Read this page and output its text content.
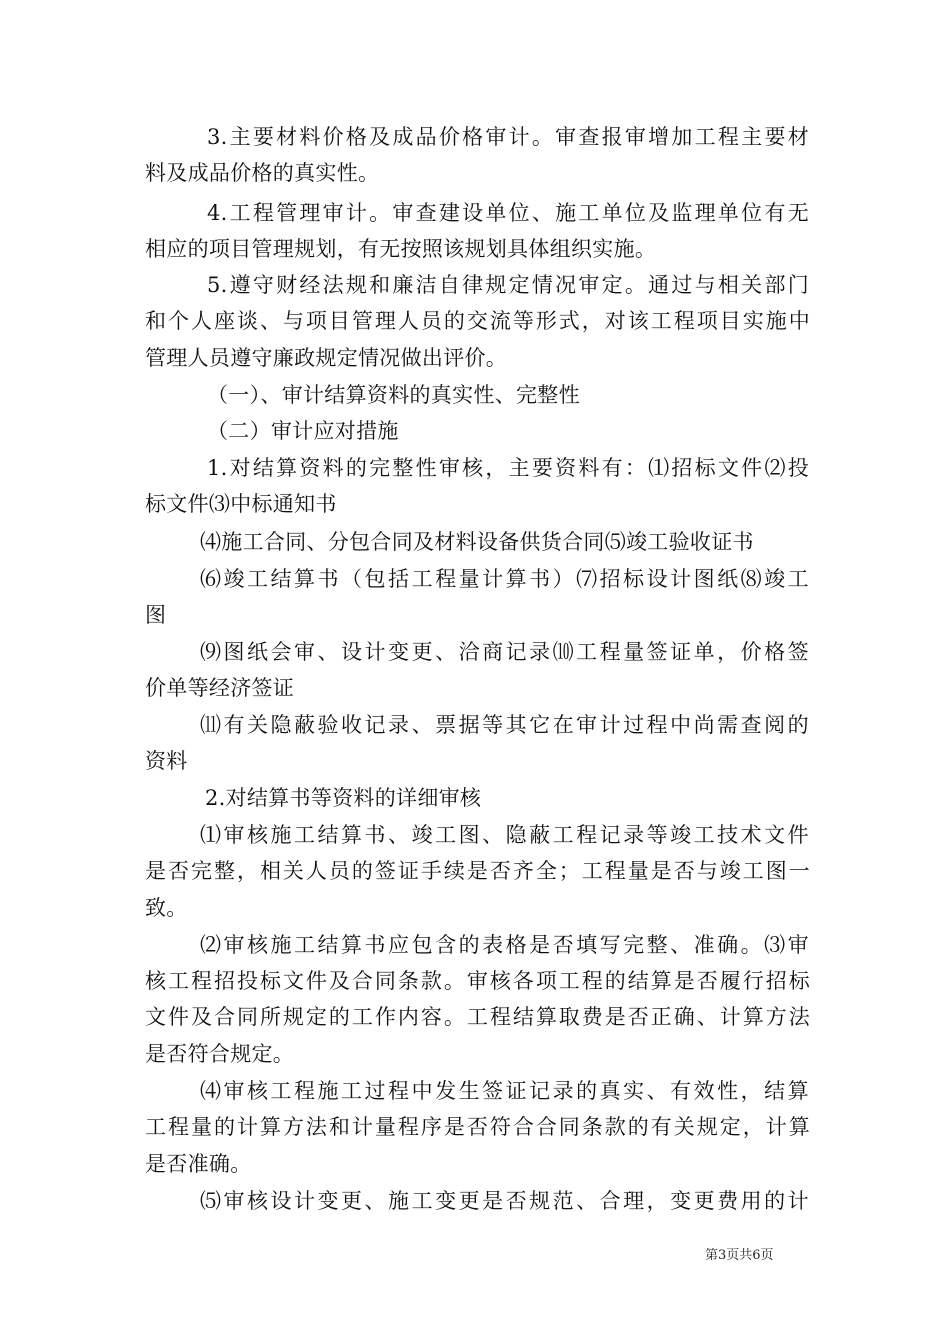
3.主要材料价格及成品价格审计。审查报审增加工程主要材
料及成品价格的真实性。
4.工程管理审计。审查建设单位、施工单位及监理单位有无
相应的项目管理规划，有无按照该规划具体组织实施。
5.遵守财经法规和廉洁自律规定情况审定。通过与相关部门
和个人座谈、与项目管理人员的交流等形式，对该工程项目实施中
管理人员遵守廉政规定情况做出评价。
（一）、审计结算资料的真实性、完整性
（二）审计应对措施
1.对结算资料的完整性审核，主要资料有：⑴招标文件⑵投
标文件⑶中标通知书
⑷施工合同、分包合同及材料设备供货合同⑸竣工验收证书
⑹竣工结算书（包括工程量计算书）⑺招标设计图纸⑻竣工
图
⑼图纸会审、设计变更、洽商记录⑽工程量签证单，价格签
价单等经济签证
⑾有关隐蔽验收记录、票据等其它在审计过程中尚需查阅的
资料
2.对结算书等资料的详细审核
⑴审核施工结算书、竣工图、隐蔽工程记录等竣工技术文件
是否完整，相关人员的签证手续是否齐全；工程量是否与竣工图一
致。
⑵审核施工结算书应包含的表格是否填写完整、准确。⑶审
核工程招投标文件及合同条款。审核各项工程的结算是否履行招标
文件及合同所规定的工作内容。工程结算取费是否正确、计算方法
是否符合规定。
⑷审核工程施工过程中发生签证记录的真实、有效性，结算
工程量的计算方法和计量程序是否符合合同条款的有关规定，计算
是否准确。
⑸审核设计变更、施工变更是否规范、合理，变更费用的计
第3页共6页
